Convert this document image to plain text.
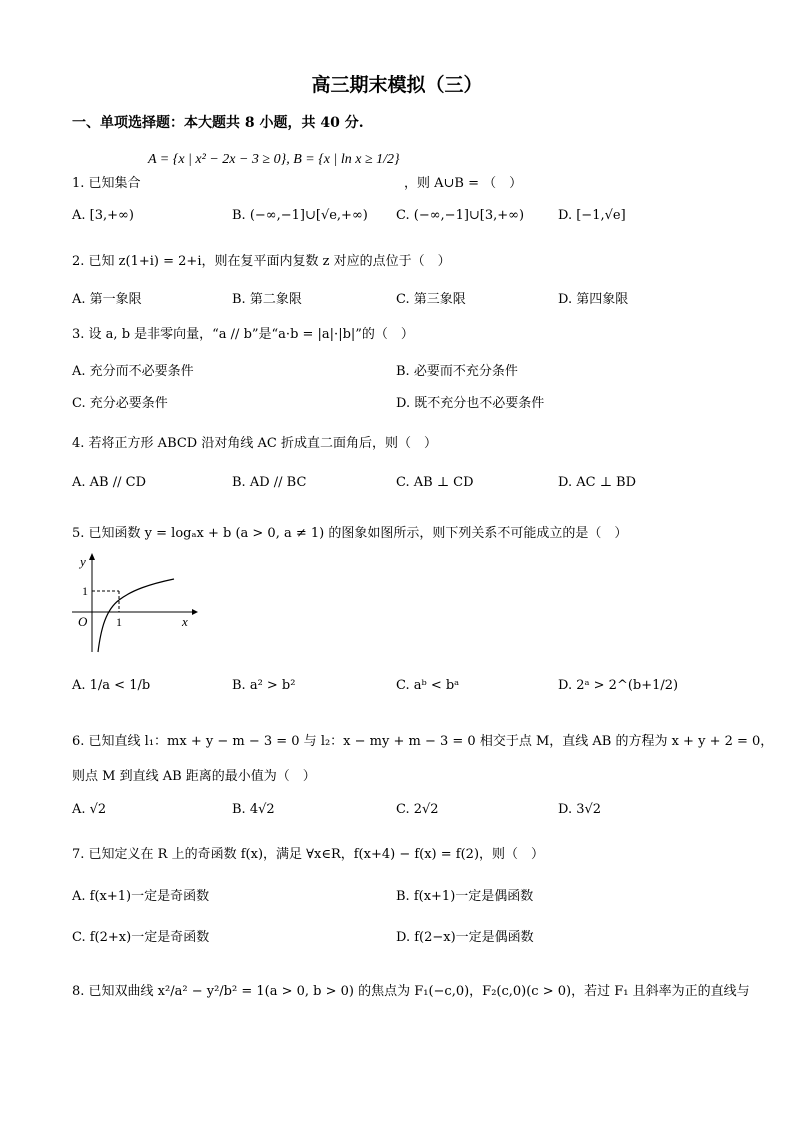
高三期末模拟（三）
一、单项选择题：本大题共 8 小题，共 40 分.
1. 已知集合
A = {x | x² − 2x − 3 ≥ 0}, B = {x | ln x ≥ 1/2}
，则 A∪B = （　）
A. [3,+∞)	B. (−∞,−1]∪[√e,+∞) C. (−∞,−1]∪[3,+∞)	D. [−1,√e]
2. 已知 z(1+i) = 2+i，则在复平面内复数 z 对应的点位于（　）
A. 第一象限	B. 第二象限	C. 第三象限	D. 第四象限
3. 设 a, b 是非零向量，“a // b”是“a·b = |a|·|b|”的（　）
A. 充分而不必要条件	B. 必要而不充分条件
C. 充分必要条件	D. 既不充分也不必要条件
4. 若将正方形 ABCD 沿对角线 AC 折成直二面角后，则（　）
A. AB // CD	B. AD // BC	C. AB ⊥ CD	D. AC ⊥ BD
5. 已知函数 y = logₐx + b (a > 0, a ≠ 1) 的图象如图所示，则下列关系不可能成立的是（　）
y
O
1
1	x
A. 1/a < 1/b	B. a² > b²	C. aᵇ < bᵃ	D. 2ᵃ > 2^(b+1/2)
6. 已知直线 l₁：mx + y − m − 3 = 0 与 l₂：x − my + m − 3 = 0 相交于点 M，直线 AB 的方程为 x + y + 2 = 0，
则点 M 到直线 AB 距离的最小值为（　）
A. √2	B. 4√2	C. 2√2	D. 3√2
7. 已知定义在 R 上的奇函数 f(x)，满足 ∀x∈R，f(x+4) − f(x) = f(2)，则（　）
A. f(x+1)一定是奇函数	B. f(x+1)一定是偶函数
C. f(2+x)一定是奇函数	D. f(2−x)一定是偶函数
8. 已知双曲线 x²/a² − y²/b² = 1(a > 0, b > 0) 的焦点为 F₁(−c,0)，F₂(c,0)(c > 0)，若过 F₁ 且斜率为正的直线与
